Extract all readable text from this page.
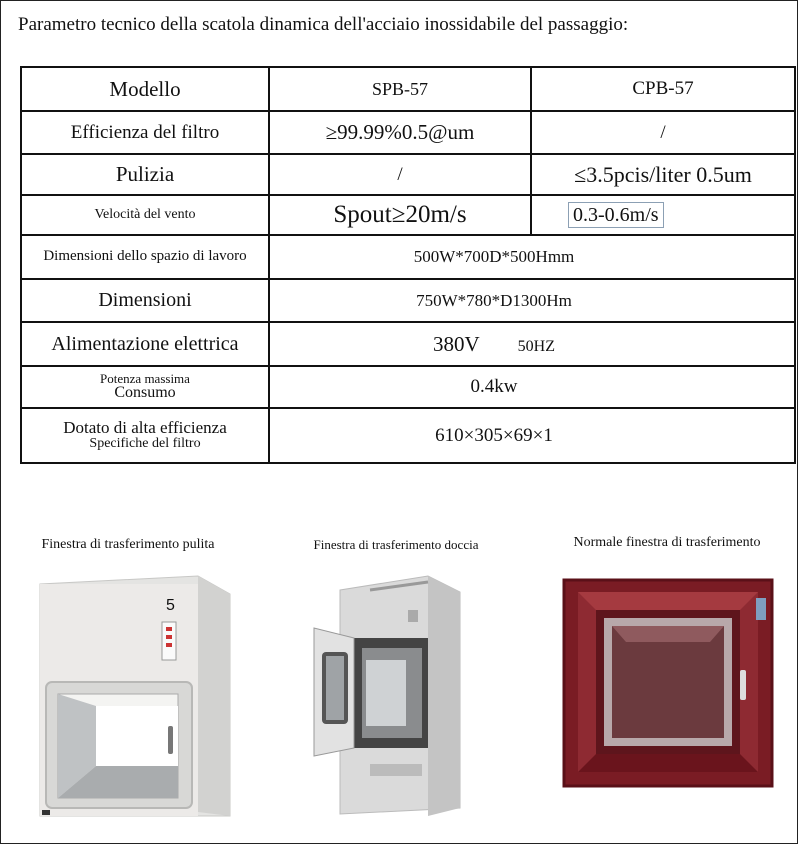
Parametro tecnico della scatola dinamica dell'acciaio inossidabile del passaggio:
Modello	SPB-57	CPB-57
Efficienza del filtro	≥99.99%0.5@um	/
Pulizia	/	≤3.5pcis/liter 0.5um
Velocità del vento	Spout≥20m/s	0.3-0.6m/s
Dimensioni dello spazio di lavoro	500W*700D*500Hmm	
Dimensioni	750W*780*D1300Hm	
Alimentazione elettrica	380V 50HZ	

Potenza massima
Consumo	0.4kw	

Dotato di alta efficienza
Specifiche del filtro	610×305×69×1	
Finestra di trasferimento pulita	Finestra di trasferimento doccia	Normale finestra di trasferimento
5
